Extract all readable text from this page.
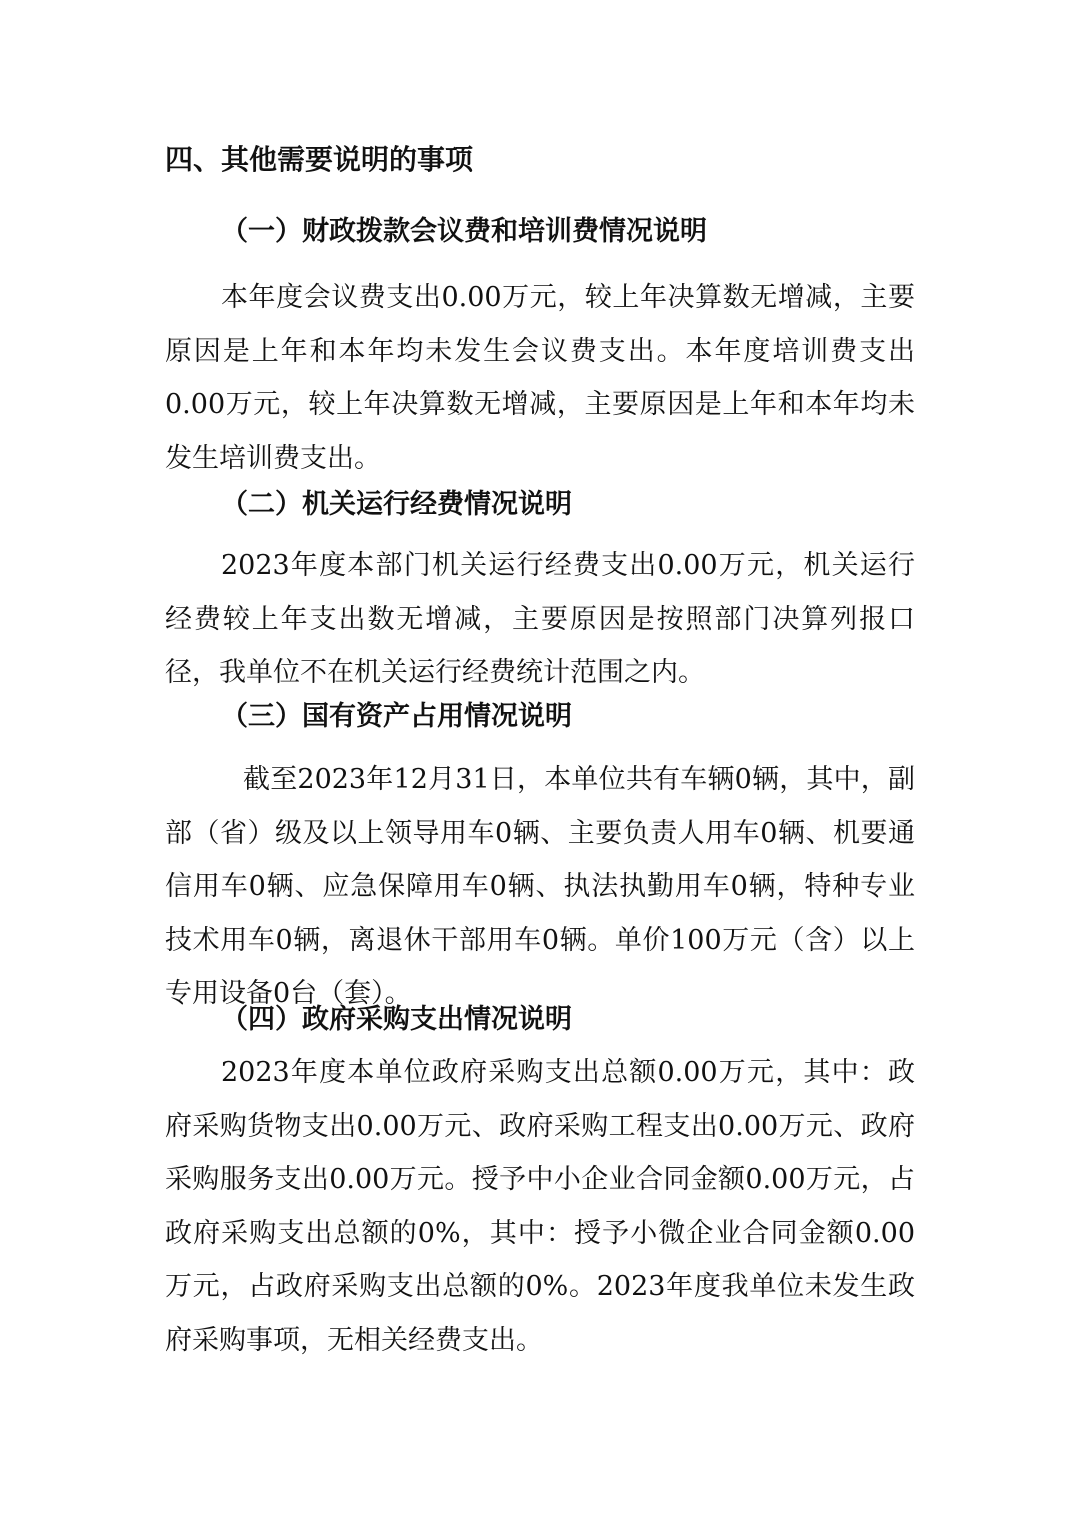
四、其他需要说明的事项
（一）财政拨款会议费和培训费情况说明

本年度会议费支出0.00万元，较上年决算数无增减，主要原因是上年和本年均未发生会议费支出。本年度培训费支出0.00万元，较上年决算数无增减，主要原因是上年和本年均未发生培训费支出。

（二）机关运行经费情况说明

2023年度本部门机关运行经费支出0.00万元，机关运行经费较上年支出数无增减，主要原因是按照部门决算列报口径，我单位不在机关运行经费统计范围之内。

（三）国有资产占用情况说明

截至2023年12月31日，本单位共有车辆0辆，其中，副部（省）级及以上领导用车0辆、主要负责人用车0辆、机要通信用车0辆、应急保障用车0辆、执法执勤用车0辆，特种专业技术用车0辆，离退休干部用车0辆。单价100万元（含）以上专用设备0台（套）。

（四）政府采购支出情况说明

2023年度本单位政府采购支出总额0.00万元，其中：政府采购货物支出0.00万元、政府采购工程支出0.00万元、政府采购服务支出0.00万元。授予中小企业合同金额0.00万元，占政府采购支出总额的0%，其中：授予小微企业合同金额0.00万元，占政府采购支出总额的0%。2023年度我单位未发生政府采购事项，无相关经费支出。
